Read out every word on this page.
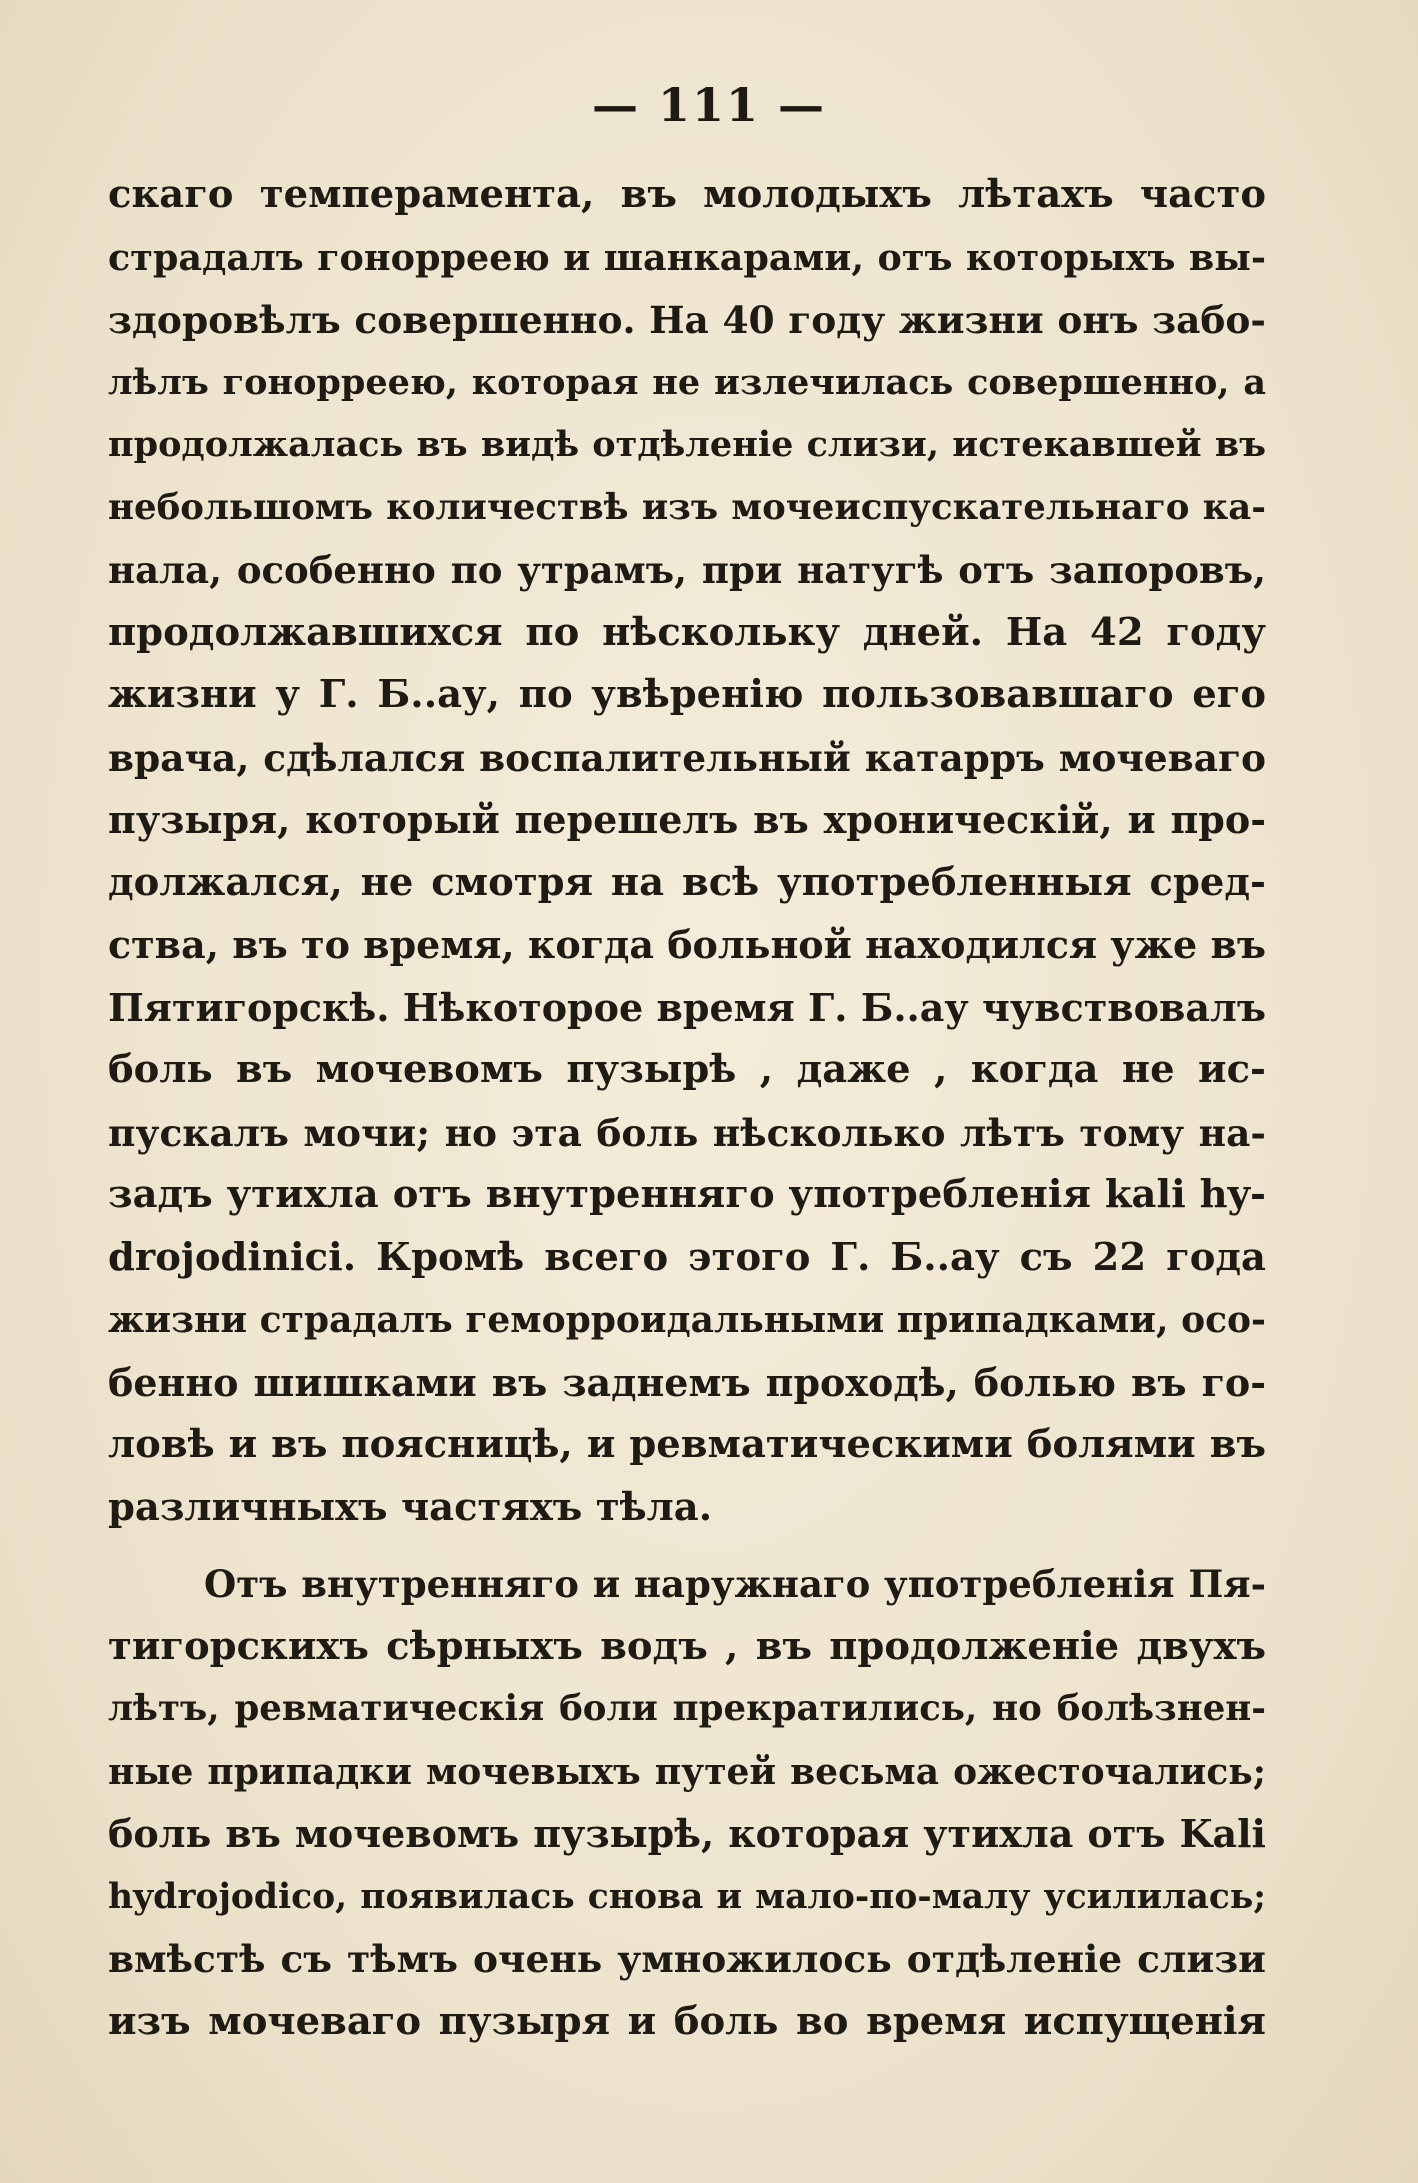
— 111 —
скаго темперамента, въ молодыхъ лѣтахъ часто
страдалъ гонорреею и шанкарами, отъ которыхъ вы-
здоровѣлъ совершенно. На 40 году жизни онъ забо-
лѣлъ гонорреею, которая не излечилась совершенно, а
продолжалась въ видѣ отдѣленіе слизи, истекавшей въ
небольшомъ количествѣ изъ мочеиспускательнаго ка-
нала, особенно по утрамъ, при натугѣ отъ запоровъ,
продолжавшихся по нѣскольку дней. На 42 году
жизни у Г. Б..ау, по увѣренію пользовавшаго его
врача, сдѣлался воспалительный катарръ мочеваго
пузыря, который перешелъ въ хроническій, и про-
должался, не смотря на всѣ употребленныя сред-
ства, въ то время, когда больной находился уже въ
Пятигорскѣ. Нѣкоторое время Г. Б..ау чувствовалъ
боль въ мочевомъ пузырѣ , даже , когда не ис-
пускалъ мочи; но эта боль нѣсколько лѣтъ тому на-
задъ утихла отъ внутренняго употребленія kali hy-
drojodinici. Кромѣ всего этого Г. Б..ау съ 22 года
жизни страдалъ геморроидальными припадками, осо-
бенно шишками въ заднемъ проходѣ, болью въ го-
ловѣ и въ поясницѣ, и ревматическими болями въ
различныхъ частяхъ тѣла.
Отъ внутренняго и наружнаго употребленія Пя-
тигорскихъ сѣрныхъ водъ , въ продолженіе двухъ
лѣтъ, ревматическія боли прекратились, но болѣзнен-
ные припадки мочевыхъ путей весьма ожесточались;
боль въ мочевомъ пузырѣ, которая утихла отъ Kali
hydrojodico, появилась снова и мало-по-малу усилилась;
вмѣстѣ съ тѣмъ очень умножилось отдѣленіе слизи
изъ мочеваго пузыря и боль во время испущенія
